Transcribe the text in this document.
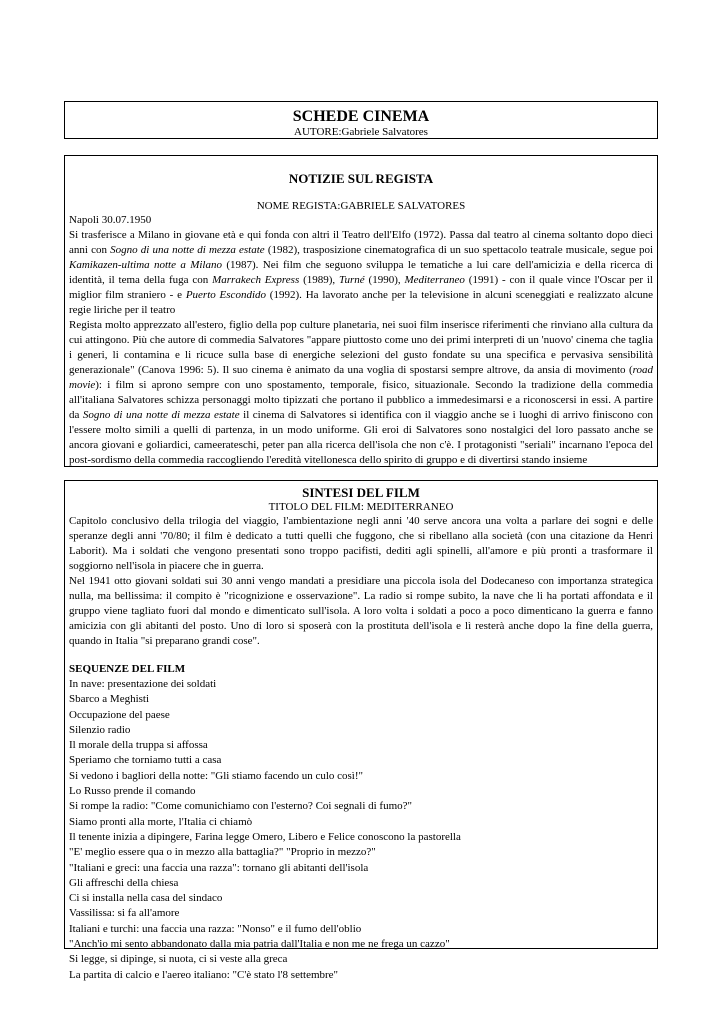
SCHEDE CINEMA
AUTORE:Gabriele Salvatores
NOTIZIE SUL REGISTA
NOME REGISTA:GABRIELE SALVATORES

Napoli 30.07.1950

Si trasferisce a Milano in giovane età e qui fonda con altri il Teatro dell'Elfo (1972). Passa dal teatro al cinema soltanto dopo dieci anni con Sogno di una notte di mezza estate (1982), trasposizione cinematografica di un suo spettacolo teatrale musicale, segue poi Kamikazen-ultima notte a Milano (1987). Nei film che seguono sviluppa le tematiche a lui care dell'amicizia e della ricerca di identità, il tema della fuga con Marrakech Express (1989), Turné (1990), Mediterraneo (1991) - con il quale vince l'Oscar per il miglior film straniero - e Puerto Escondido (1992). Ha lavorato anche per la televisione in alcuni sceneggiati e realizzato alcune regie liriche per il teatro

Regista molto apprezzato all'estero, figlio della pop culture planetaria, nei suoi film inserisce riferimenti che rinviano alla cultura da cui attingono. Più che autore di commedia Salvatores "appare piuttosto come uno dei primi interpreti di un 'nuovo' cinema che taglia i generi, li contamina e li ricuce sulla base di energiche selezioni del gusto fondate su una specifica e pervasiva sensibilità generazionale" (Canova 1996: 5). Il suo cinema è animato da una voglia di spostarsi sempre altrove, da ansia di movimento (road movie): i film si aprono sempre con uno spostamento, temporale, fisico, situazionale. Secondo la tradizione della commedia all'italiana Salvatores schizza personaggi molto tipizzati che portano il pubblico a immedesimarsi e a riconoscersi in essi. A partire da Sogno di una notte di mezza estate il cinema di Salvatores si identifica con il viaggio anche se i luoghi di arrivo finiscono con l'essere molto simili a quelli di partenza, in un modo uniforme. Gli eroi di Salvatores sono nostalgici del loro passato anche se ancora giovani e goliardici, cameerateschi, peter pan alla ricerca dell'isola che non c'è. I protagonisti "seriali" incarnano l'epoca del post-sordismo della commedia raccogliendo l'eredità vitellonesca dello spirito di gruppo e di divertirsi stando insieme

SINTESI DEL FILM
TITOLO DEL FILM: MEDITERRANEO

Capitolo conclusivo della trilogia del viaggio, l'ambientazione negli anni '40 serve ancora una volta a parlare dei sogni e delle speranze degli anni '70/80; il film è dedicato a tutti quelli che fuggono, che si ribellano alla società (con una citazione da Henri Laborit). Ma i soldati che vengono presentati sono troppo pacifisti, dediti agli spinelli, all'amore e più pronti a trasformare il soggiorno nell'isola in piacere che in guerra.

Nel 1941 otto giovani soldati sui 30 anni vengo mandati a presidiare una piccola isola del Dodecaneso con importanza strategica nulla, ma bellissima: il compito è "ricognizione e osservazione". La radio si rompe subito, la nave che li ha portati affondata e il gruppo viene tagliato fuori dal mondo e dimenticato sull'isola. A loro volta i soldati a poco a poco dimenticano la guerra e fanno amicizia con gli abitanti del posto. Uno di loro si sposerà con la prostituta dell'isola e lì resterà anche dopo la fine della guerra, quando in Italia "si preparano grandi cose".

SEQUENZE DEL FILM
In nave: presentazione dei soldati
Sbarco a Meghisti
Occupazione del paese
Silenzio radio
Il morale della truppa si affossa
Speriamo che torniamo tutti a casa
Si vedono i bagliori della notte: "Gli stiamo facendo un culo così!"
Lo Russo prende il comando
Si rompe la radio: "Come comunichiamo con l'esterno? Coi segnali di fumo?"
Siamo pronti alla morte, l'Italia ci chiamò
Il tenente inizia a dipingere, Farina legge Omero, Libero e Felice conoscono la pastorella
"E' meglio essere qua o in mezzo alla battaglia?" "Proprio in mezzo?"
"Italiani e greci: una faccia una razza": tornano gli abitanti dell'isola
Gli affreschi della chiesa
Ci si installa nella casa del sindaco
Vassilissa: si fa all'amore
Italiani e turchi: una faccia una razza: "Nonso" e il fumo dell'oblio
"Anch'io mi sento abbandonato dalla mia patria dall'Italia e non me ne frega un cazzo"
Si legge, si dipinge, si nuota, ci si veste alla greca
La partita di calcio e l'aereo italiano: "C'è stato l'8 settembre"
